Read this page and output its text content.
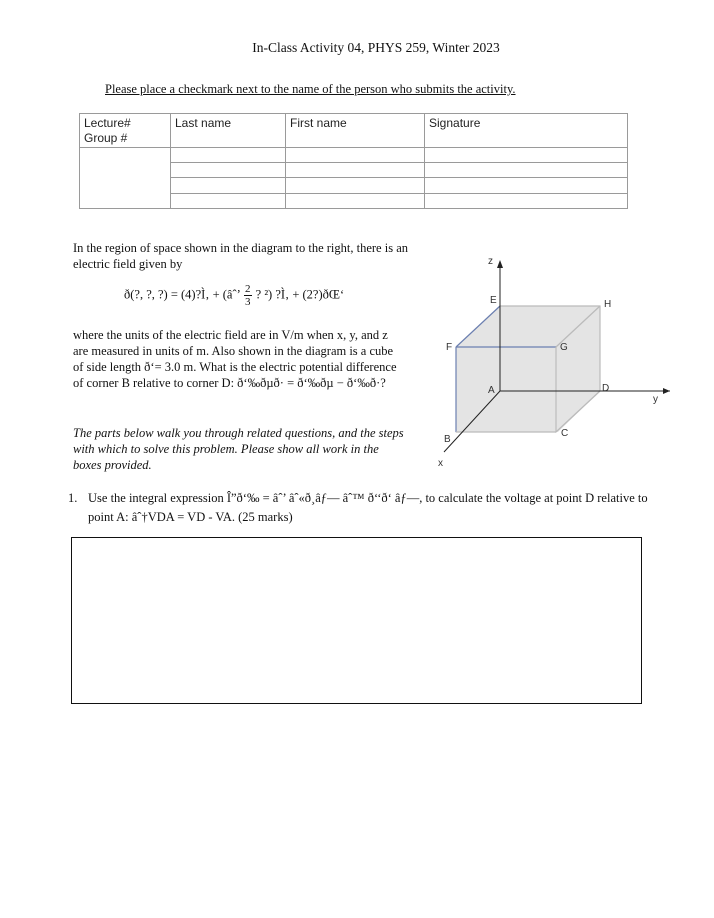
In-Class Activity 04, PHYS 259, Winter 2023
Please place a checkmark next to the name of the person who submits the activity.
Lecture#
Group #	Last name	First name	Signature

In the region of space shown in the diagram to the right, there is an electric field given by
ð(?, ?, ?) = (4)?Ì‚ + (âˆ’ $\frac{2}{3}$ ? ²) ?Ì‚ + (2?)ðŒ‘
where the units of the electric field are in V/m when x, y, and z are measured in units of m. Also shown in the diagram is a cube of side length ð‘= 3.0 m. What is the electric potential difference of corner B relative to corner D: ð‘‰ðµð· = ð‘‰ðµ − ð‘‰ð·?
The parts below walk you through related questions, and the steps with which to solve this problem. Please show all work in the boxes provided.
z
y
x
A
B
C
D
E
F	G
H
1. Use the integral expression Î”ð‘‰ = âˆ’ âˆ«ð¸âƒ— âˆ™ ð‘‘ð‘ âƒ—, to calculate the voltage at point D relative to point A: âˆ†VDA = VD - VA. (25 marks)
